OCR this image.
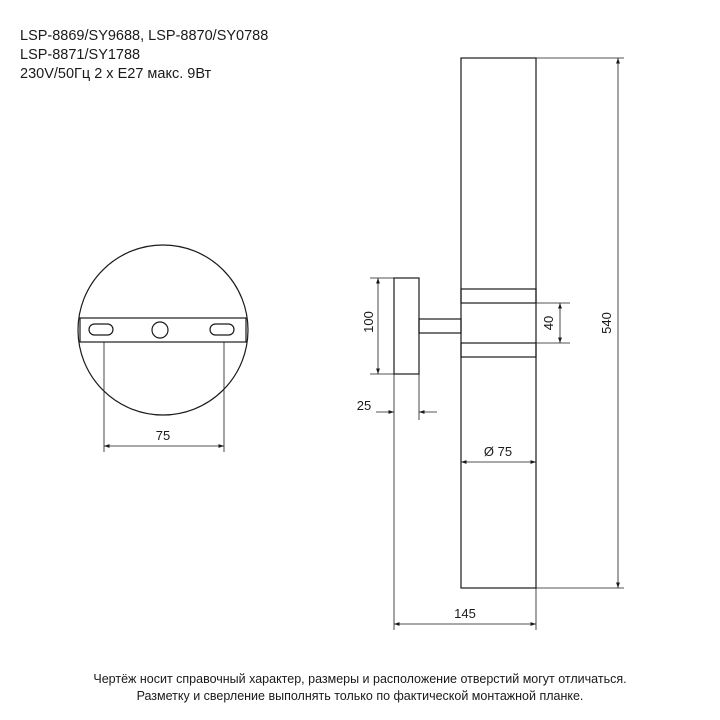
LSP-8869/SY9688, LSP-8870/SY0788
LSP-8871/SY1788
230V/50Гц 2 x E27 макс. 9Вт
75
100
25
40	540
Ø 75
145
Чертёж носит справочный характер, размеры и расположение отверстий могут отличаться.
Разметку и сверление выполнять только по фактической монтажной планке.
